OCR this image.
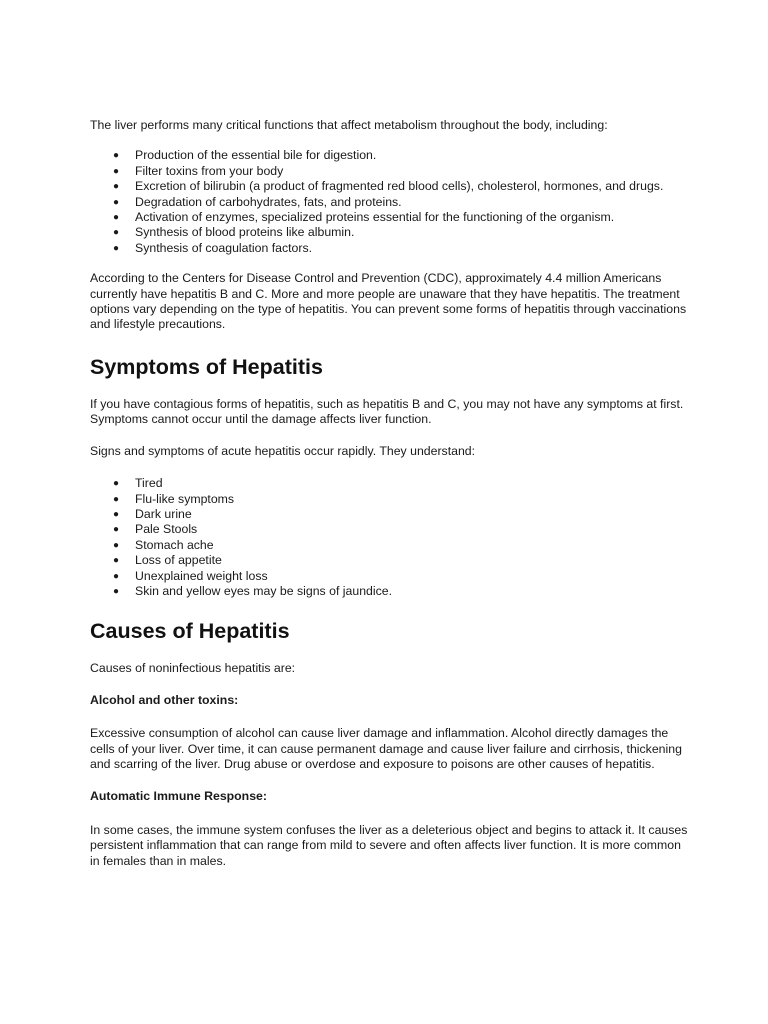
The liver performs many critical functions that affect metabolism throughout the body, including:

● Production of the essential bile for digestion.
● Filter toxins from your body
● Excretion of bilirubin (a product of fragmented red blood cells), cholesterol, hormones, and drugs.
● Degradation of carbohydrates, fats, and proteins.
● Activation of enzymes, specialized proteins essential for the functioning of the organism.
● Synthesis of blood proteins like albumin.
● Synthesis of coagulation factors.

According to the Centers for Disease Control and Prevention (CDC), approximately 4.4 million Americans currently have hepatitis B and C. More and more people are unaware that they have hepatitis. The treatment options vary depending on the type of hepatitis. You can prevent some forms of hepatitis through vaccinations and lifestyle precautions.

Symptoms of Hepatitis

If you have contagious forms of hepatitis, such as hepatitis B and C, you may not have any symptoms at first. Symptoms cannot occur until the damage affects liver function.

Signs and symptoms of acute hepatitis occur rapidly. They understand:

● Tired
● Flu-like symptoms
● Dark urine
● Pale Stools
● Stomach ache
● Loss of appetite
● Unexplained weight loss
● Skin and yellow eyes may be signs of jaundice.
Causes of Hepatitis

Causes of noninfectious hepatitis are:

Alcohol and other toxins:

Excessive consumption of alcohol can cause liver damage and inflammation. Alcohol directly damages the cells of your liver. Over time, it can cause permanent damage and cause liver failure and cirrhosis, thickening and scarring of the liver. Drug abuse or overdose and exposure to poisons are other causes of hepatitis.

Automatic Immune Response:

In some cases, the immune system confuses the liver as a deleterious object and begins to attack it. It causes persistent inflammation that can range from mild to severe and often affects liver function. It is more common in females than in males.
